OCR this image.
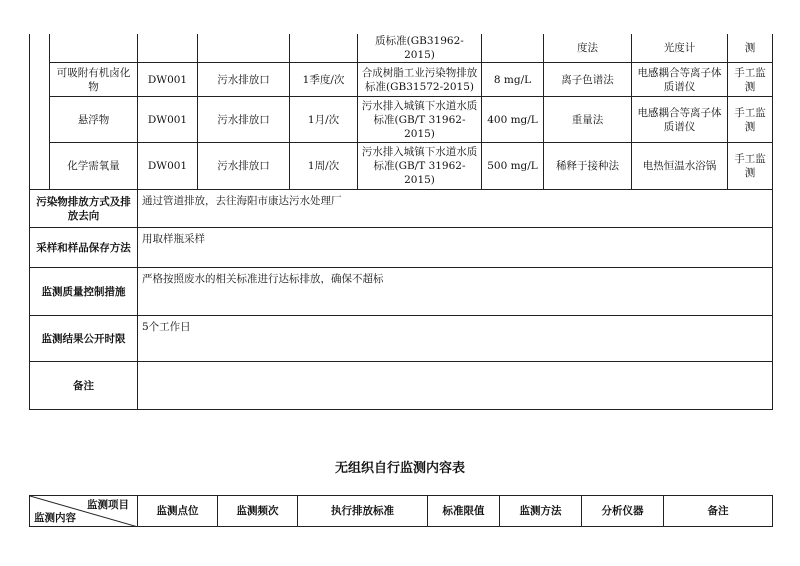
					质标准(GB31962-2015)		度法	光度计	测
	可吸附有机卤化物	DW001	污水排放口	1季度/次	合成树脂工业污染物排放标准(GB31572-2015)	8 mg/L	离子色谱法	电感耦合等离子体质谱仪	手工监测
	悬浮物	DW001	污水排放口	1月/次	污水排入城镇下水道水质标准(GB/T 31962-2015)	400 mg/L	重量法	电感耦合等离子体质谱仪	手工监测
	化学需氧量	DW001	污水排放口	1周/次	污水排入城镇下水道水质标准(GB/T 31962-2015)	500 mg/L	稀释于接种法	电热恒温水浴锅	手工监测
污染物排放方式及排放去向		通过管道排放，去往海阳市康达污水处理厂							
采样和样品保存方法		用取样瓶采样							
监测质量控制措施		严格按照废水的相关标准进行达标排放，确保不超标							
监测结果公开时限		5个工作日							
备注									
无组织自行监测内容表
监测项目
监测内容
	监测点位	监测频次	执行排放标准	标准限值	监测方法	分析仪器	备注
